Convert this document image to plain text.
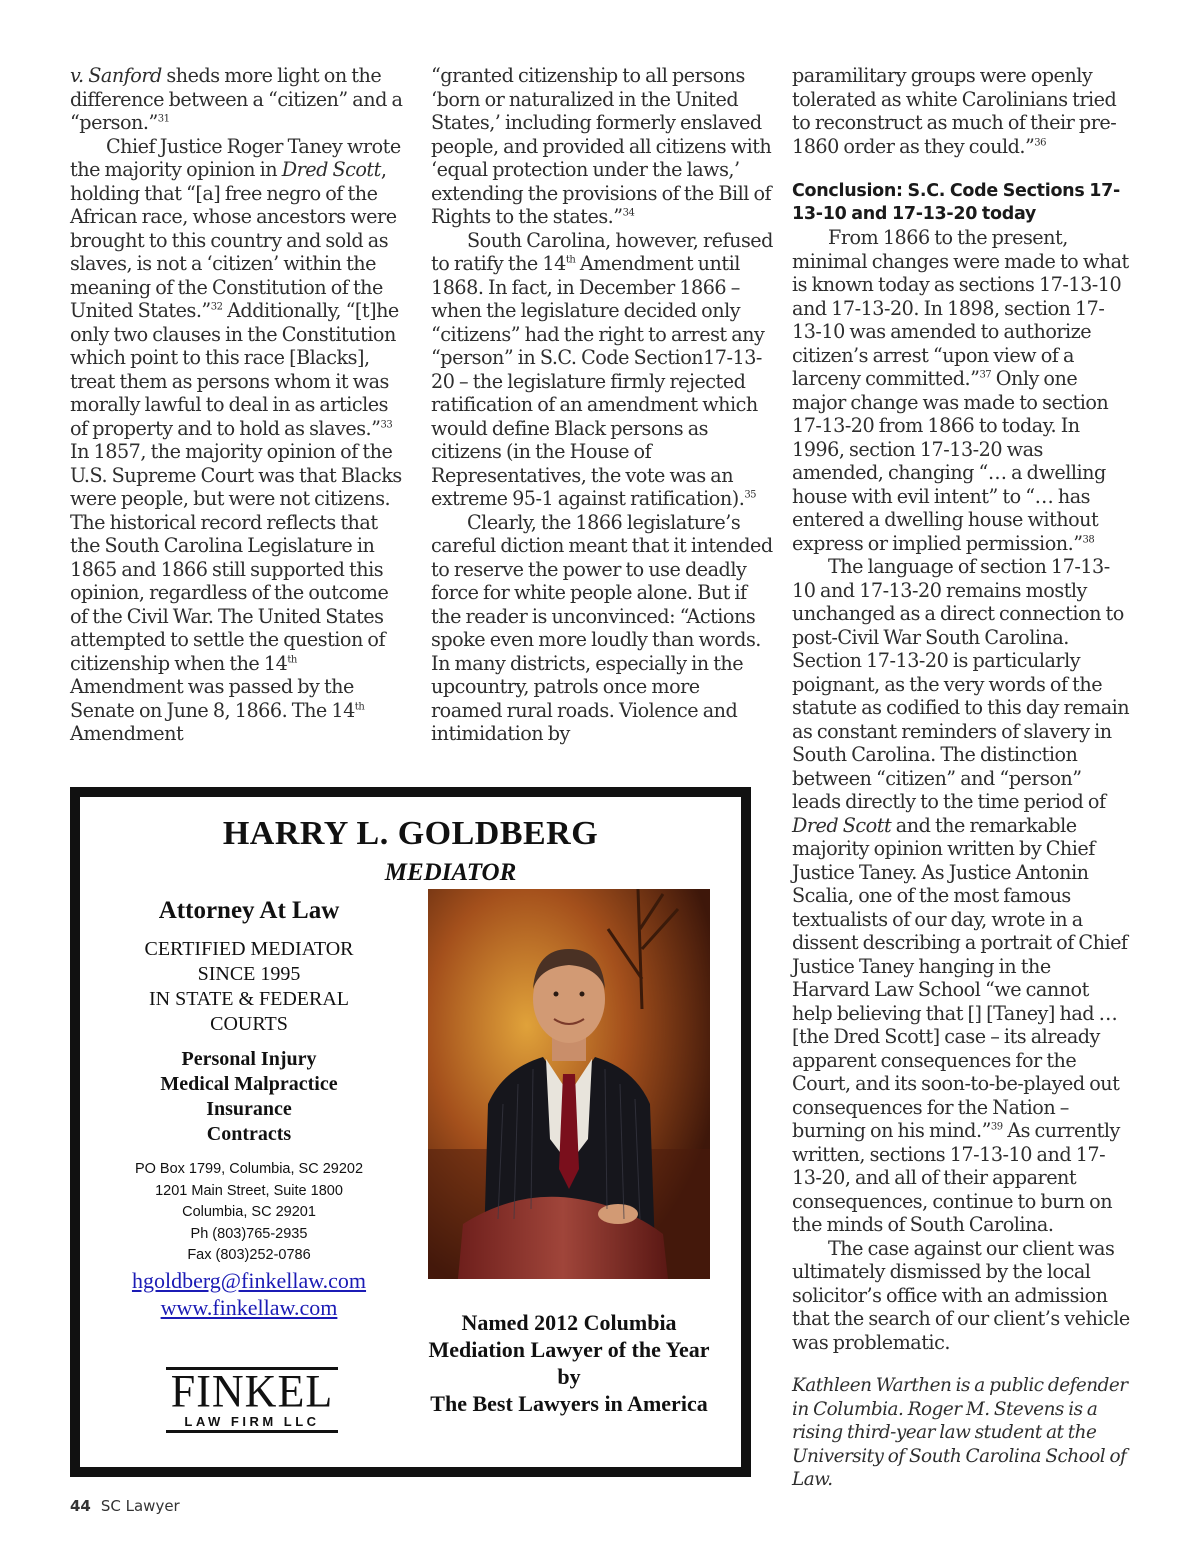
v. Sanford sheds more light on the difference between a “citizen” and a “person.”$^{31}$

Chief Justice Roger Taney wrote the majority opinion in Dred Scott, holding that “[a] free negro of the African race, whose ancestors were brought to this country and sold as slaves, is not a ‘citizen’ within the meaning of the Constitution of the United States.”$^{32}$ Additionally, “[t]he only two clauses in the Constitution which point to this race [Blacks], treat them as persons whom it was morally lawful to deal in as articles of property and to hold as slaves.”$^{33}$ In 1857, the majority opinion of the U.S. Supreme Court was that Blacks were people, but were not citizens. The historical record reflects that the South Carolina Legislature in 1865 and 1866 still supported this opinion, regardless of the outcome of the Civil War. The United States attempted to settle the question of citizenship when the 14th Amendment was passed by the Senate on June 8, 1866. The 14th Amendment

“granted citizenship to all persons ‘born or naturalized in the United States,’ including formerly enslaved people, and provided all citizens with ‘equal protection under the laws,’ extending the provisions of the Bill of Rights to the states.”$^{34}$

South Carolina, however, refused to ratify the 14th Amendment until 1868. In fact, in December 1866 – when the legislature decided only “citizens” had the right to arrest any “person” in S.C. Code Section17-13-20 – the legislature firmly rejected ratification of an amendment which would define Black persons as citizens (in the House of Representatives, the vote was an extreme 95-1 against ratification).$^{35}$

Clearly, the 1866 legislature’s careful diction meant that it intended to reserve the power to use deadly force for white people alone. But if the reader is unconvinced: “Actions spoke even more loudly than words. In many districts, especially in the upcountry, patrols once more roamed rural roads. Violence and intimidation by

paramilitary groups were openly tolerated as white Carolinians tried to reconstruct as much of their pre-1860 order as they could.”$^{36}$

Conclusion: S.C. Code Sections 17-13-10 and 17-13-20 today

From 1866 to the present, minimal changes were made to what is known today as sections 17-13-10 and 17-13-20. In 1898, section 17-13-10 was amended to authorize citizen’s arrest “upon view of a larceny committed.”$^{37}$ Only one major change was made to section 17-13-20 from 1866 to today. In 1996, section 17-13-20 was amended, changing “… a dwelling house with evil intent” to “… has entered a dwelling house without express or implied permission.”$^{38}$

The language of section 17-13-10 and 17-13-20 remains mostly unchanged as a direct connection to post-Civil War South Carolina. Section 17-13-20 is particularly poignant, as the very words of the statute as codified to this day remain as constant reminders of slavery in South Carolina. The distinction between “citizen” and “person” leads directly to the time period of Dred Scott and the remarkable majority opinion written by Chief Justice Taney. As Justice Antonin Scalia, one of the most famous textualists of our day, wrote in a dissent describing a portrait of Chief Justice Taney hanging in the Harvard Law School “we cannot help believing that [] [Taney] had … [the Dred Scott] case – its already apparent consequences for the Court, and its soon-to-be-played out consequences for the Nation – burning on his mind.”$^{39}$ As currently written, sections 17-13-10 and 17-13-20, and all of their apparent consequences, continue to burn on the minds of South Carolina.

The case against our client was ultimately dismissed by the local solicitor’s office with an admission that the search of our client’s vehicle was problematic.

Kathleen Warthen is a public defender in Columbia. Roger M. Stevens is a rising third-year law student at the University of South Carolina School of Law.

HARRY L. GOLDBERG
MEDIATOR
Attorney At Law
CERTIFIED MEDIATOR
SINCE 1995
IN STATE & FEDERAL
COURTS
Personal Injury
Medical Malpractice
Insurance
Contracts
PO Box 1799, Columbia, SC 29202
1201 Main Street, Suite 1800
Columbia, SC 29201
Ph (803)765-2935
Fax (803)252-0786
hgoldberg@finkellaw.com
www.finkellaw.com
Named 2012 Columbia
Mediation Lawyer of the Year
by
The Best Lawyers in America
FINKEL
LAW FIRM LLC
44 SC Lawyer
